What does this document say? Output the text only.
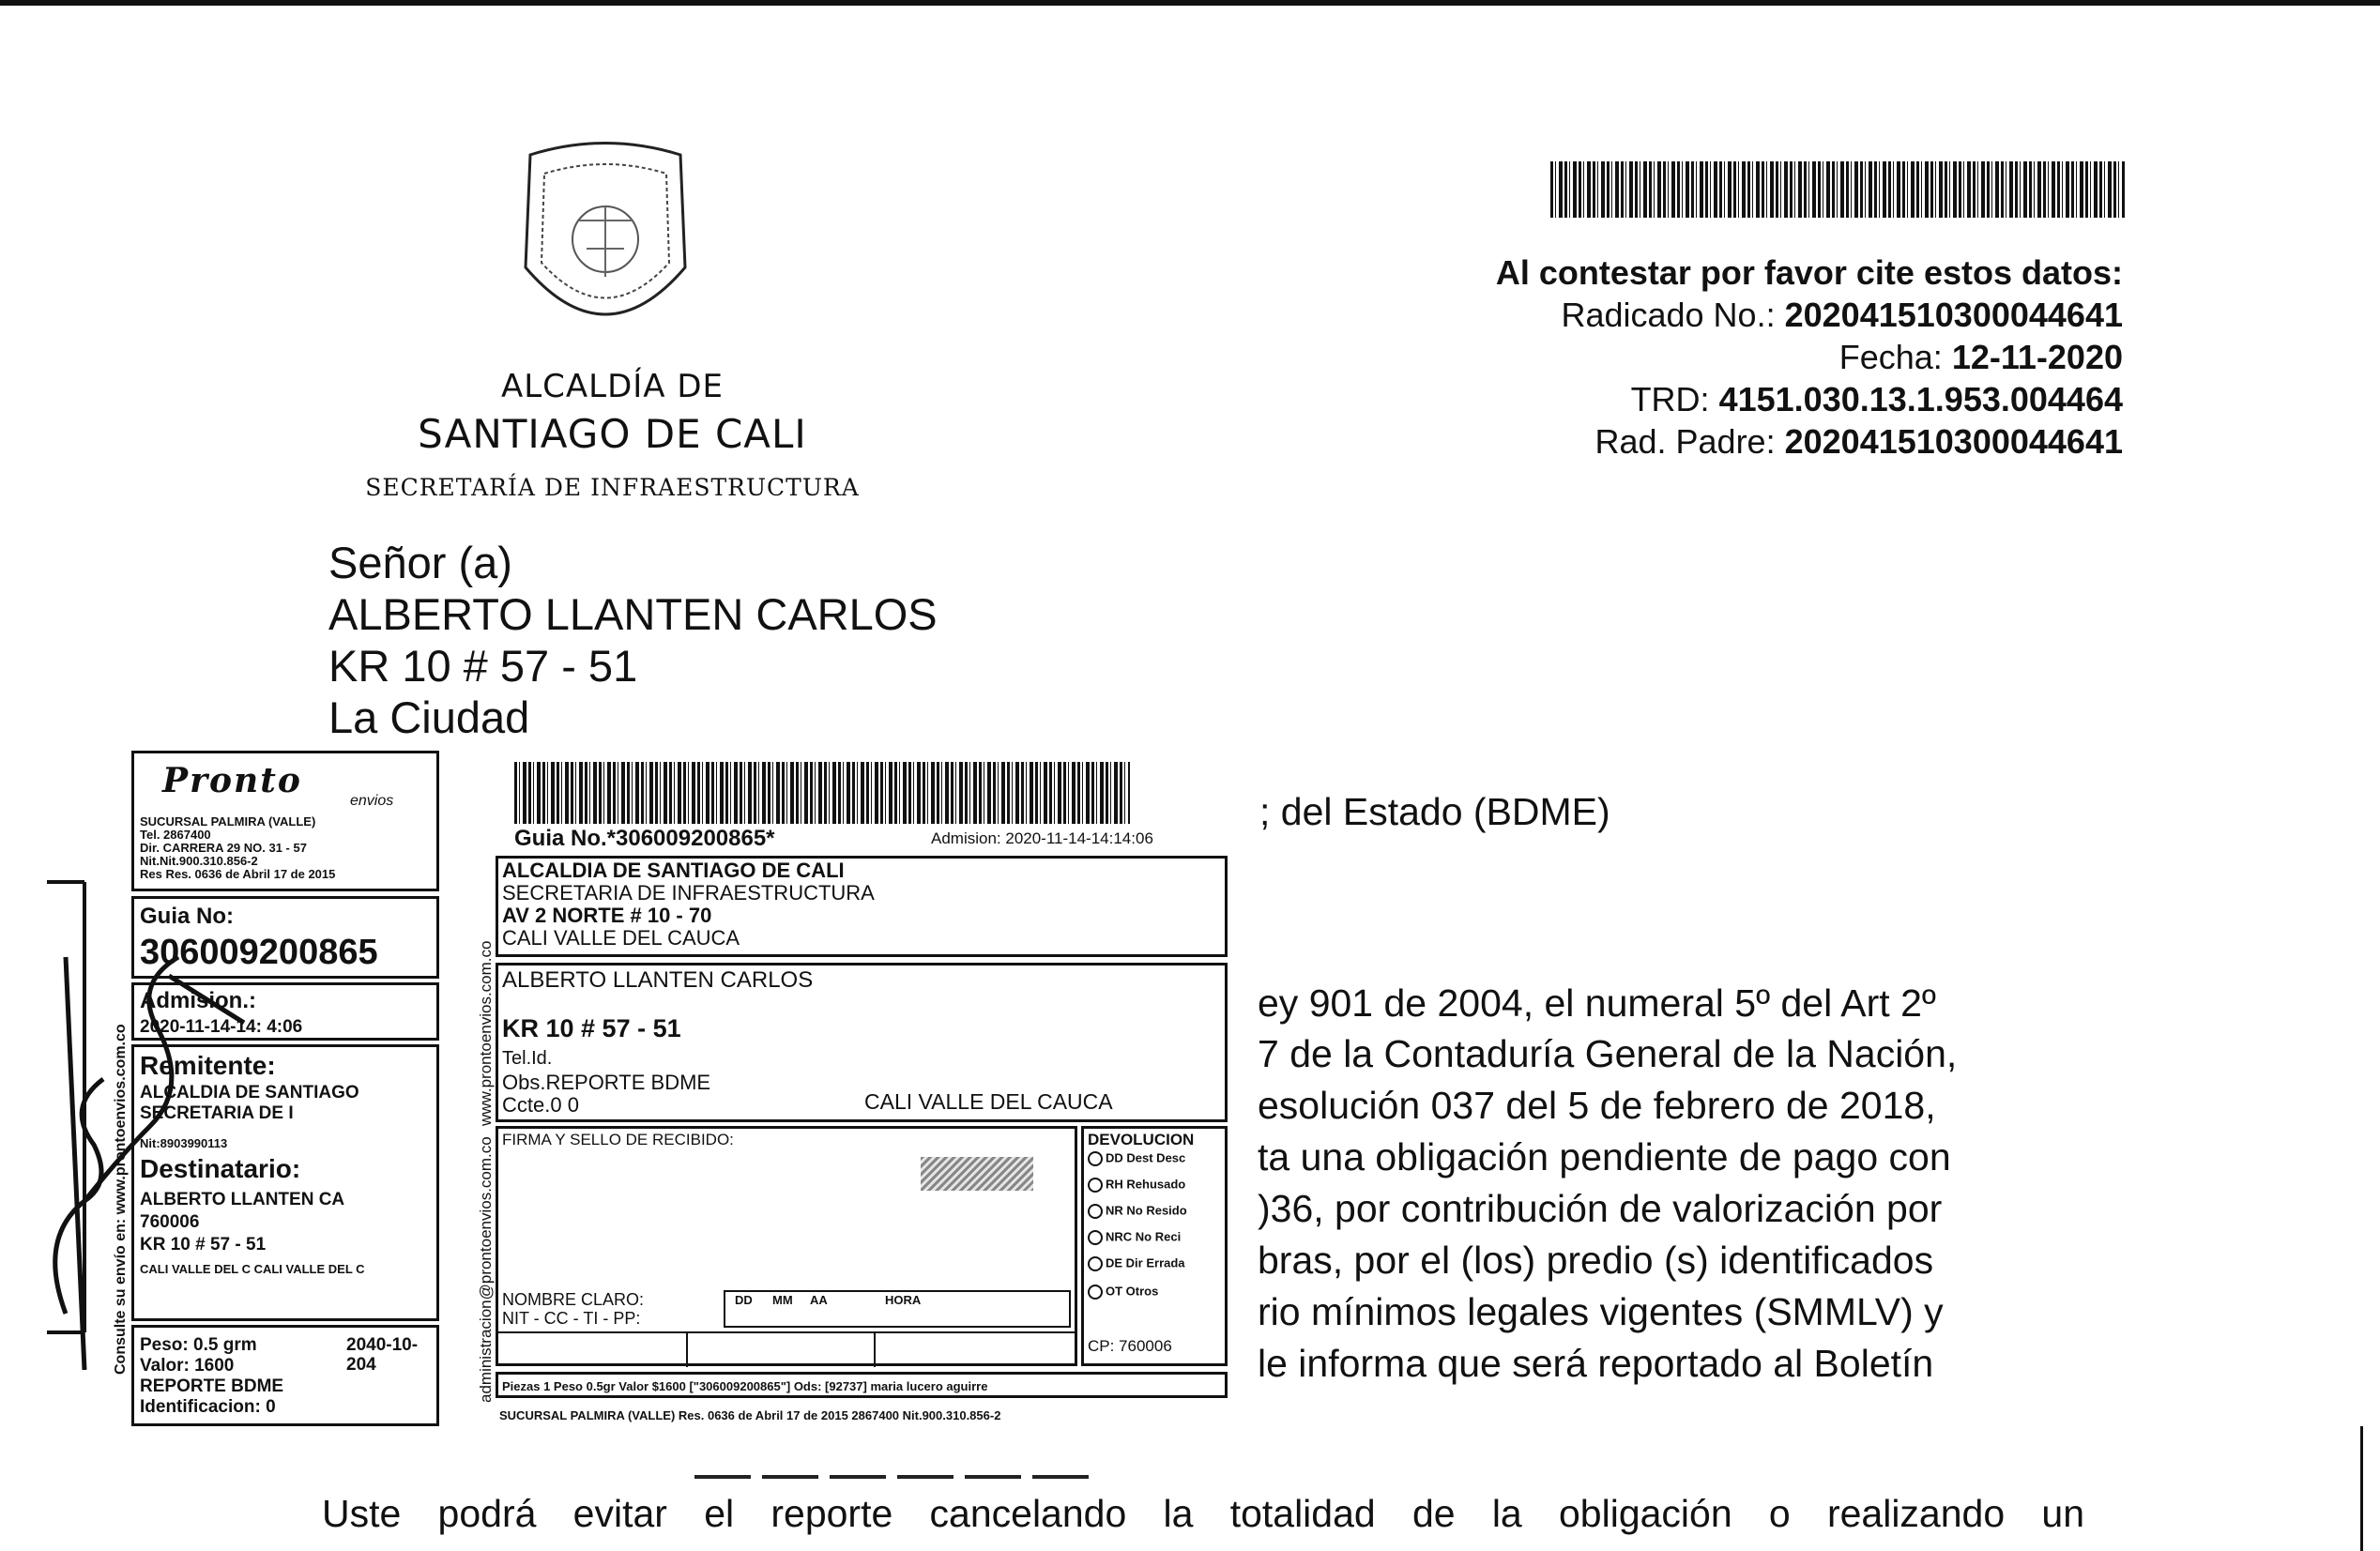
ALCALDÍA DE
SANTIAGO DE CALI
SECRETARÍA DE INFRAESTRUCTURA
Al contestar por favor cite estos datos:
Radicado No.: 202041510300044641
Fecha: 12-11-2020
TRD: 4151.030.13.1.953.004464
Rad. Padre: 202041510300044641
Señor (a)
ALBERTO LLANTEN CARLOS
KR 10 # 57 - 51
La Ciudad
; del Estado (BDME)
ey 901 de 2004, el numeral 5º del Art 2º
7 de la Contaduría General de la Nación,
esolución 037 del 5 de febrero de 2018,
ta una obligación pendiente de pago con
)36, por contribución de valorización por
bras, por el (los) predio (s) identificados
rio mínimos legales vigentes (SMMLV) y
le informa que será reportado al Boletín
Uste podrá evitar el reporte cancelando la totalidad de la obligación o realizando un
Pronto
envios
SUCURSAL PALMIRA (VALLE)
Tel. 2867400
Dir. CARRERA 29 NO. 31 - 57
Nit.Nit.900.310.856-2
Res Res. 0636 de Abril 17 de 2015
Guia No:
306009200865
Admision.:
2020-11-14-14: 4:06
Remitente:
ALCALDIA DE SANTIAGO
SECRETARIA DE I
Nit:8903990113
Destinatario:
ALBERTO LLANTEN CA
760006
KR 10 # 57 - 51
CALI VALLE DEL C CALI VALLE DEL C
Peso: 0.5 grm	2040-10-204
Valor: 1600
REPORTE BDME
Identificacion: 0
Consulte su envío en: www.prontoenvios.com.co
Guia No.*306009200865*	Admision: 2020-11-14-14:14:06
www.prontoenvios.com.co
administracion@prontoenvios.com.co
ALCALDIA DE SANTIAGO DE CALI
SECRETARIA DE INFRAESTRUCTURA
AV 2 NORTE # 10 - 70
CALI VALLE DEL CAUCA
ALBERTO LLANTEN CARLOS
KR 10 # 57 - 51
Tel.Id.
Obs.REPORTE BDME
Ccte.0 0	CALI VALLE DEL CAUCA
FIRMA Y SELLO DE RECIBIDO:
NOMBRE CLARO:
NIT - CC - TI - PP:
DD MM AA	HORA
DEVOLUCION
DD Dest Desc
RH Rehusado
NR No Resido
NRC No Reci
DE Dir Errada
OT Otros
CP: 760006
Piezas 1 Peso 0.5gr Valor $1600 ["306009200865"] Ods: [92737] maria lucero aguirre
SUCURSAL PALMIRA (VALLE) Res. 0636 de Abril 17 de 2015 2867400 Nit.900.310.856-2
